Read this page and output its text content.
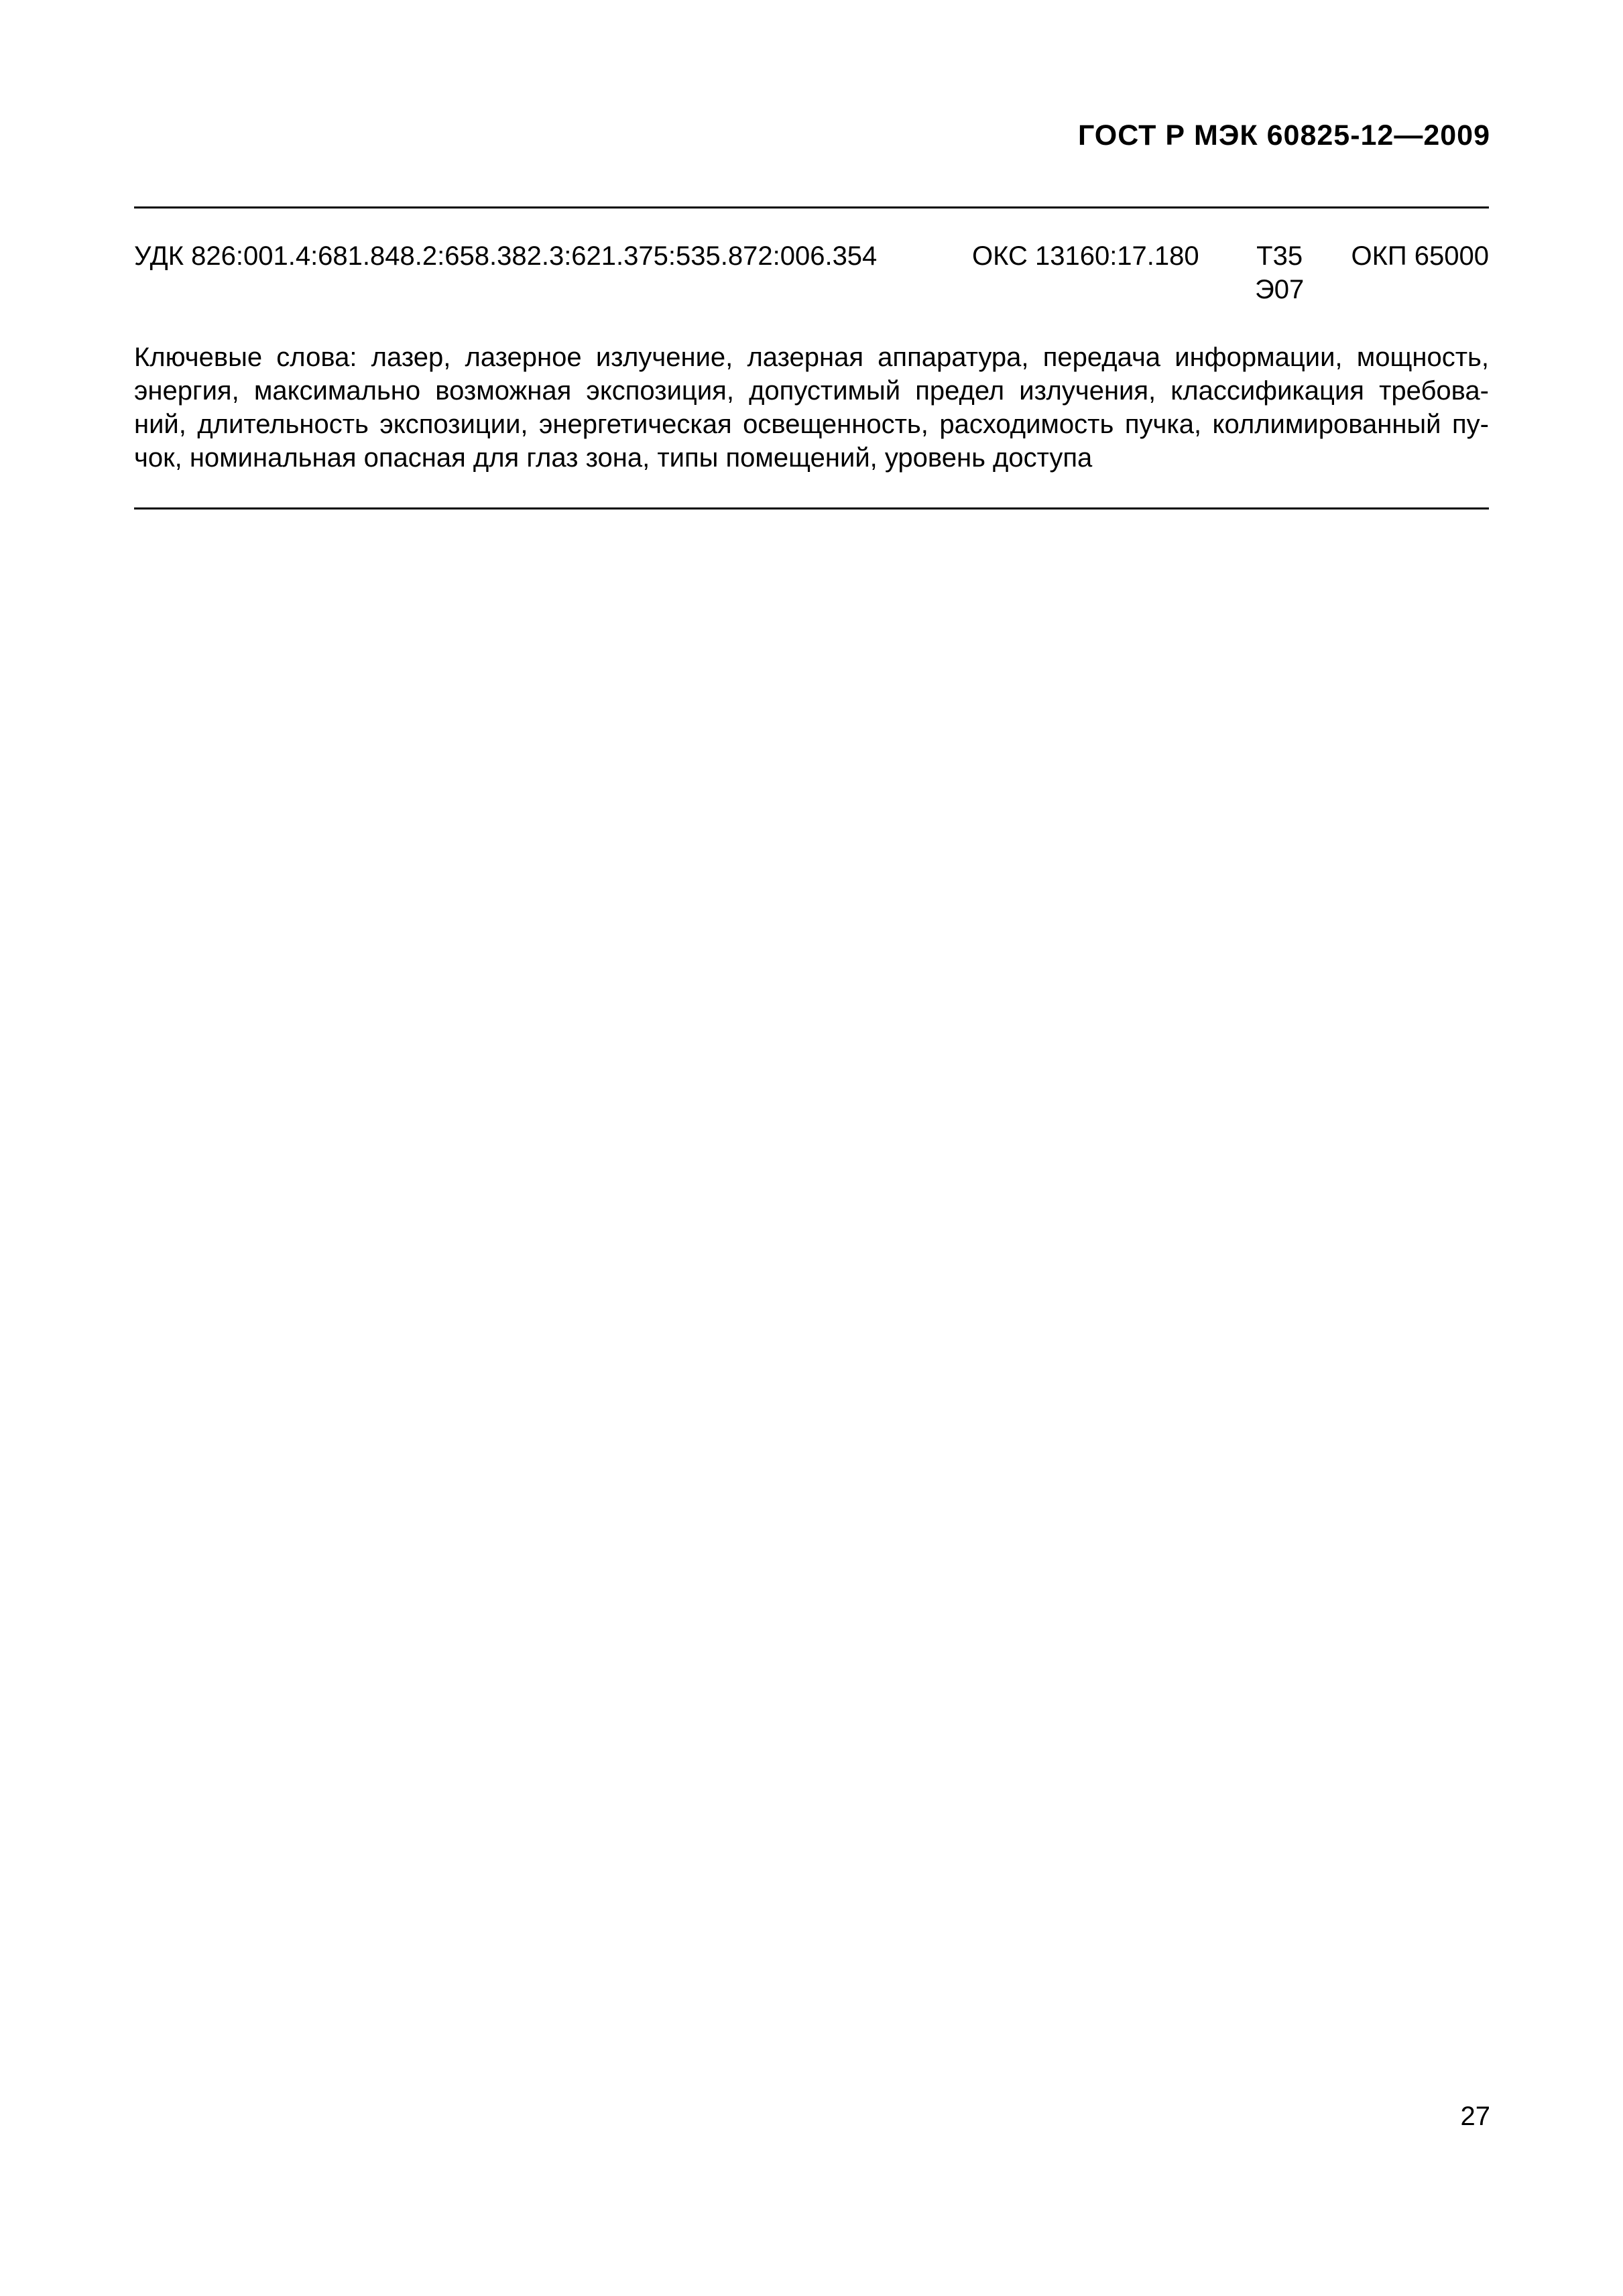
ГОСТ Р МЭК 60825-12—2009
УДК 826:001.4:681.848.2:658.382.3:621.375:535.872:006.354	ОКС 13160:17.180 Т35
Э07
ОКП 65000
Ключевые слова: лазер, лазерное излучение, лазерная аппаратура, передача информации, мощность,
энергия, максимально возможная экспозиция, допустимый предел излучения, классификация требова-
ний, длительность экспозиции, энергетическая освещенность, расходимость пучка, коллимированный пу-
чок, номинальная опасная для глаз зона, типы помещений, уровень доступа
27
